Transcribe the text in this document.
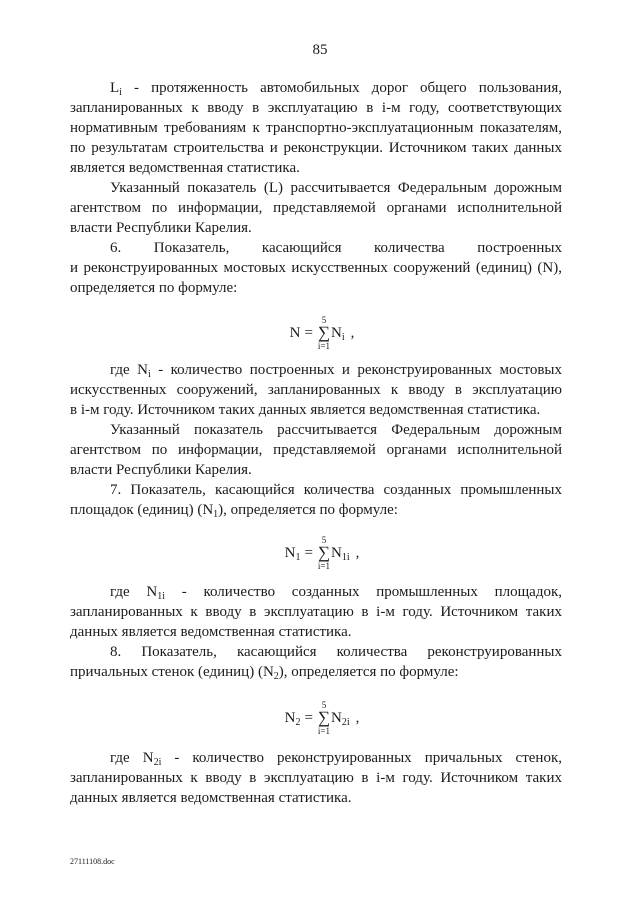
85
$L_i$ - протяженность автомобильных дорог общего пользования,
запланированных к вводу в эксплуатацию в i-м году, соответствующих
нормативным требованиям к транспортно-эксплуатационным показателям,
по результатам строительства и реконструкции. Источником таких данных
является ведомственная статистика.
Указанный показатель (L) рассчитывается Федеральным дорожным
агентством по информации, представляемой органами исполнительной
власти Республики Карелия.
6. Показатель, касающийся количества построенных
и реконструированных мостовых искусственных сооружений (единиц) (N),
определяется по формуле:
N =
5
∑
i=1
$N_i$ ,
где $N_i$ - количество построенных и реконструированных мостовых
искусственных сооружений, запланированных к вводу в эксплуатацию
в i-м году. Источником таких данных является ведомственная статистика.
Указанный показатель рассчитывается Федеральным дорожным
агентством по информации, представляемой органами исполнительной
власти Республики Карелия.
7. Показатель, касающийся количества созданных промышленных
площадок (единиц) $(N_1)$, определяется по формуле:
$N_1$ =
5
∑
i=1
$N_{1i}$ ,
где $N_{1i}$ - количество созданных промышленных площадок,
запланированных к вводу в эксплуатацию в i-м году. Источником таких
данных является ведомственная статистика.
8. Показатель, касающийся количества реконструированных
причальных стенок (единиц) $(N_2)$, определяется по формуле:
$N_2$ =
5
∑
i=1
$N_{2i}$ ,
где $N_{2i}$ - количество реконструированных причальных стенок,
запланированных к вводу в эксплуатацию в i-м году. Источником таких
данных является ведомственная статистика.
27111108.doc
